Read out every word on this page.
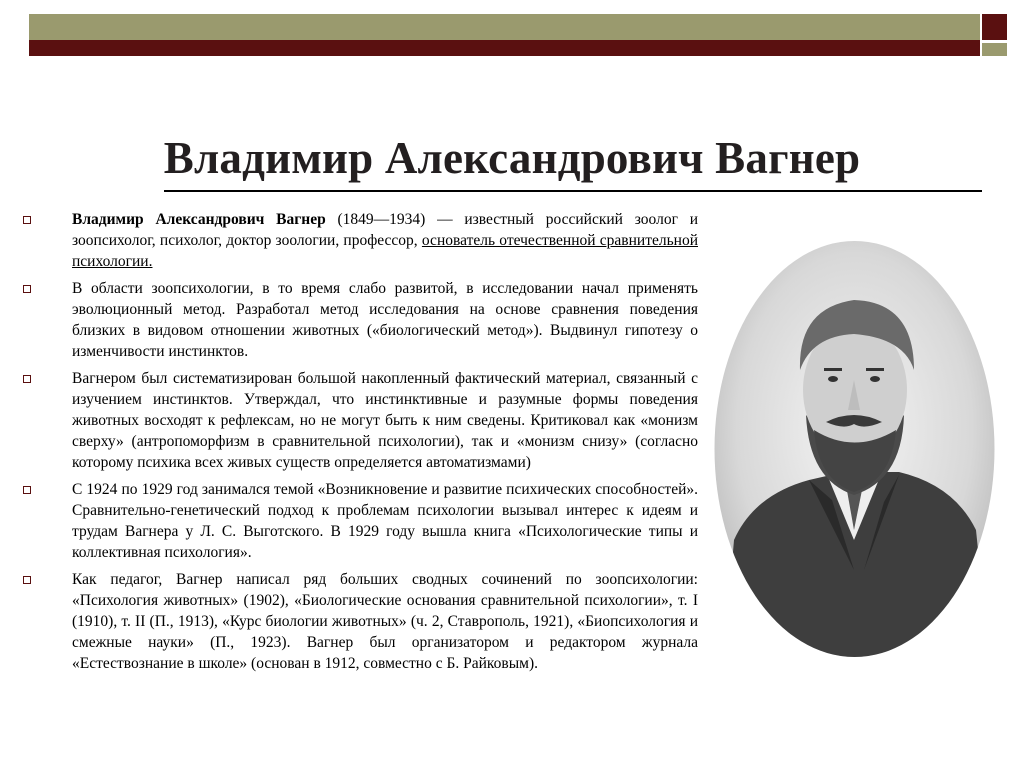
Владимир Александрович Вагнер

Владимир Александрович Вагнер (1849—1934) — известный российский зоолог и зоопсихолог, психолог, доктор зоологии, профессор, основатель отечественной сравнительной психологии.

В области зоопсихологии, в то время слабо развитой, в исследовании начал применять эволюционный метод. Разработал метод исследования на основе сравнения поведения близких в видовом отношении животных («биологический метод»). Выдвинул гипотезу о изменчивости инстинктов.

Вагнером был систематизирован большой накопленный фактический материал, связанный с изучением инстинктов. Утверждал, что инстинктивные и разумные формы поведения животных восходят к рефлексам, но не могут быть к ним сведены. Критиковал как «монизм сверху» (антропоморфизм в сравнительной психологии), так и «монизм снизу» (согласно которому психика всех живых существ определяется автоматизмами)

С 1924 по 1929 год занимался темой «Возникновение и развитие психических способностей». Сравнительно-генетический подход к проблемам психологии вызывал интерес к идеям и трудам Вагнера у Л. С. Выготского. В 1929 году вышла книга «Психологические типы и коллективная психология».

Как педагог, Вагнер написал ряд больших сводных сочинений по зоопсихологии: «Психология животных» (1902), «Биологические основания сравнительной психологии», т. I (1910), т. II (П., 1913), «Курс биологии животных» (ч. 2, Ставрополь, 1921), «Биопсихология и смежные науки» (П., 1923). Вагнер был организатором и редактором журнала «Естествознание в школе» (основан в 1912, совместно с Б. Райковым).
